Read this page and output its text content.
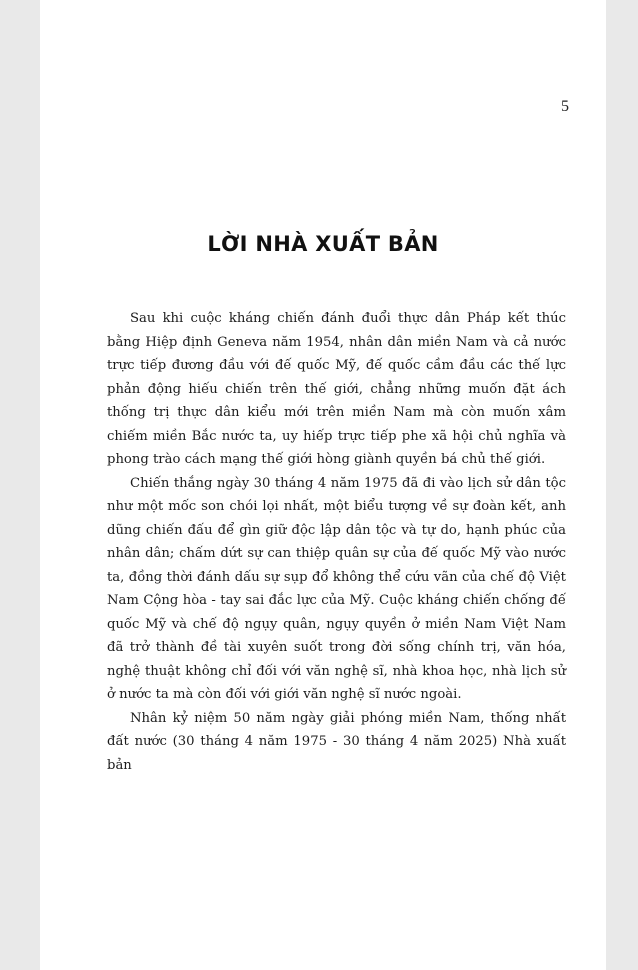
5
LỜI NHÀ XUẤT BẢN

Sau khi cuộc kháng chiến đánh đuổi thực dân Pháp kết thúc bằng Hiệp định Geneva năm 1954, nhân dân miền Nam và cả nước trực tiếp đương đầu với đế quốc Mỹ, đế quốc cầm đầu các thế lực phản động hiếu chiến trên thế giới, chẳng những muốn đặt ách thống trị thực dân kiểu mới trên miền Nam mà còn muốn xâm chiếm miền Bắc nước ta, uy hiếp trực tiếp phe xã hội chủ nghĩa và phong trào cách mạng thế giới hòng giành quyền bá chủ thế giới.

Chiến thắng ngày 30 tháng 4 năm 1975 đã đi vào lịch sử dân tộc như một mốc son chói lọi nhất, một biểu tượng về sự đoàn kết, anh dũng chiến đấu để gìn giữ độc lập dân tộc và tự do, hạnh phúc của nhân dân; chấm dứt sự can thiệp quân sự của đế quốc Mỹ vào nước ta, đồng thời đánh dấu sự sụp đổ không thể cứu vãn của chế độ Việt Nam Cộng hòa - tay sai đắc lực của Mỹ. Cuộc kháng chiến chống đế quốc Mỹ và chế độ ngụy quân, ngụy quyền ở miền Nam Việt Nam đã trở thành đề tài xuyên suốt trong đời sống chính trị, văn hóa, nghệ thuật không chỉ đối với văn nghệ sĩ, nhà khoa học, nhà lịch sử ở nước ta mà còn đối với giới văn nghệ sĩ nước ngoài.

Nhân kỷ niệm 50 năm ngày giải phóng miền Nam, thống nhất đất nước (30 tháng 4 năm 1975 - 30 tháng 4 năm 2025) Nhà xuất bản
